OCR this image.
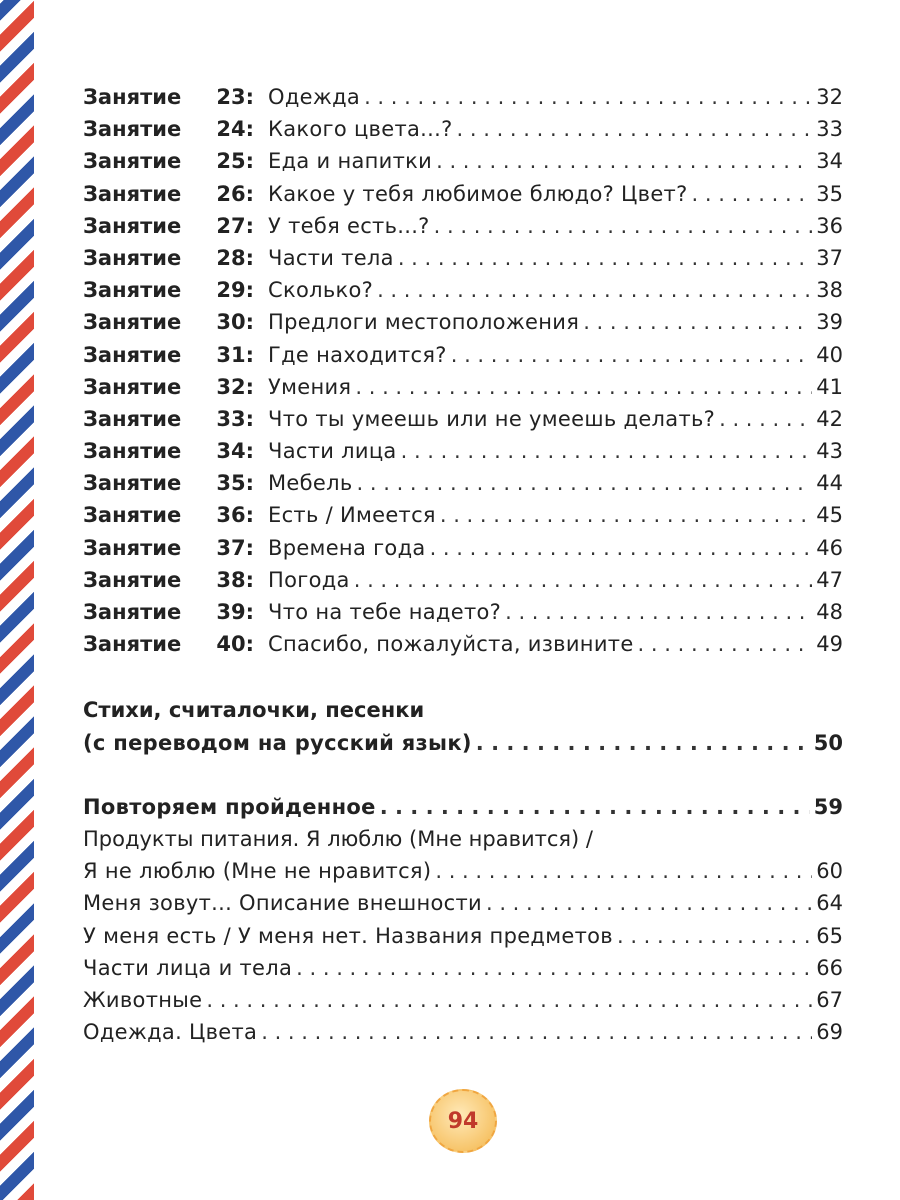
Занятие 23: Одежда . . .	32
Занятие 24: Какого цвета...? . . .	33
Занятие 25: Еда и напитки . . .	34
Занятие 26: Какое у тебя любимое блюдо? Цвет? . . .	35
Занятие 27: У тебя есть...? . . .	36
Занятие 28: Части тела . . .	37
Занятие 29: Сколько? . . .	38
Занятие 30: Предлоги местоположения . . .	39
Занятие 31: Где находится? . . .	40
Занятие 32: Умения . . .	41
Занятие 33: Что ты умеешь или не умеешь делать? . . .	42
Занятие 34: Части лица . . .	43
Занятие 35: Мебель . . .	44
Занятие 36: Есть / Имеется . . .	45
Занятие 37: Времена года . . .	46
Занятие 38: Погода . . .	47
Занятие 39: Что на тебе надето? . . .	48
Занятие 40: Спасибо, пожалуйста, извините . . .	49
Стихи, считалочки, песенки
(с переводом на русский язык) . . .	50
Повторяем пройденное . . .	59
Продукты питания. Я люблю (Мне нравится) /
Я не люблю (Мне не нравится) . . .	60
Меня зовут... Описание внешности . . .	64
У меня есть / У меня нет. Названия предметов . . .	65
Части лица и тела . . .	66
Животные . . .	67
Одежда. Цвета . . .	69
94
